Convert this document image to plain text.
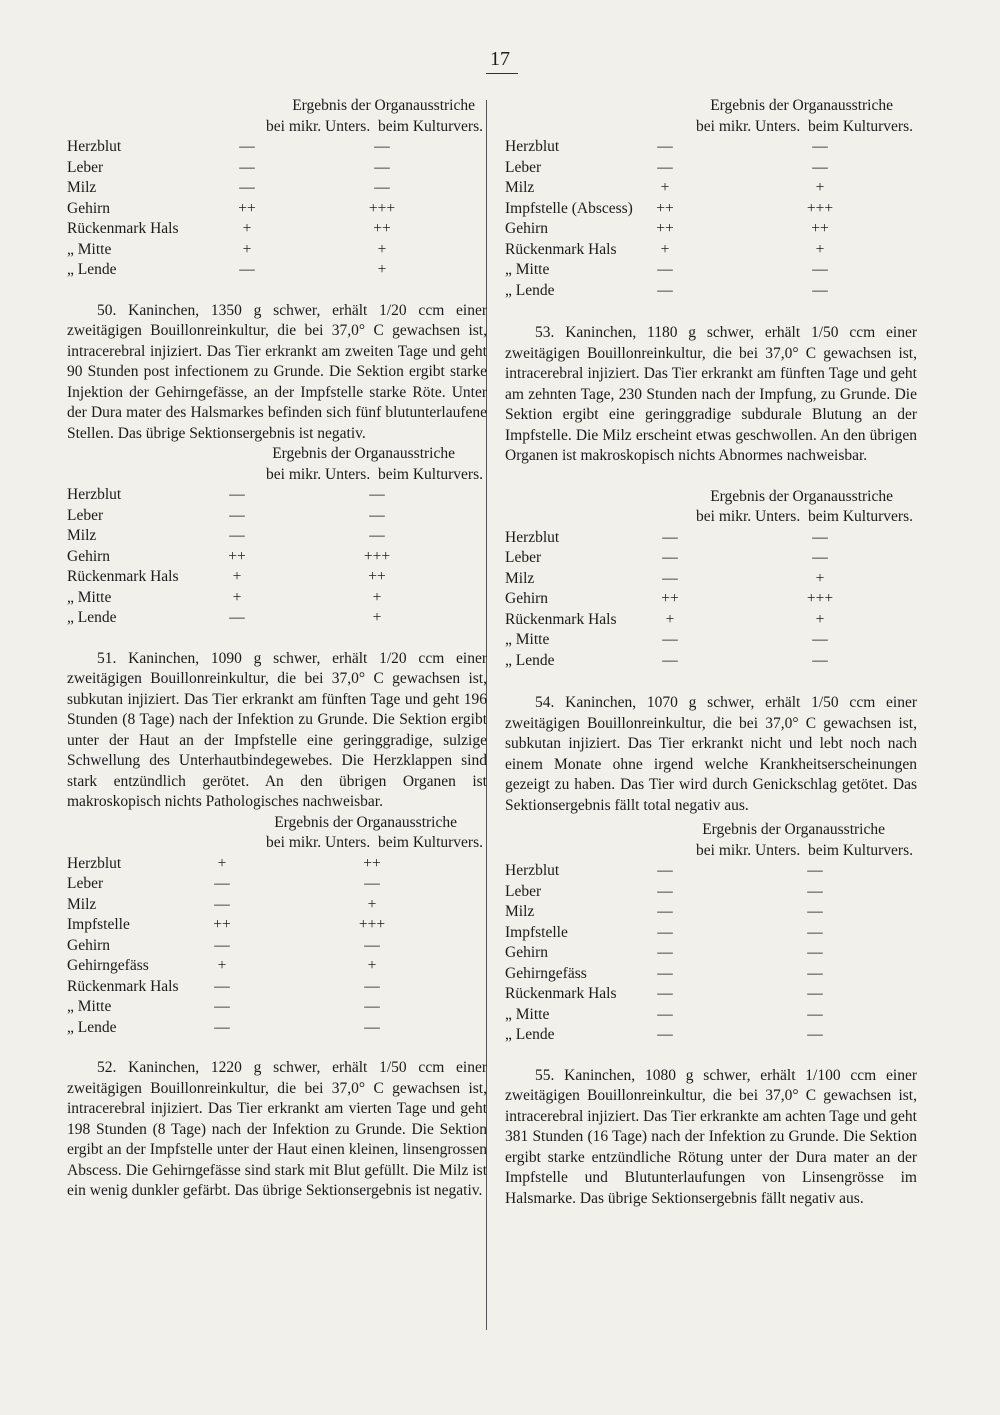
17
Ergebnis der Organausstriche
bei mikr. Unters. beim Kulturvers.
Herzblut	—	—
Leber	—	—
Milz	—	—
Gehirn	++	+++
Rückenmark Hals	+	++
„ Mitte	+	+
„ Lende	—	+

50. Kaninchen, 1350 g schwer, erhält 1/20 ccm einer zweitägigen Bouillonreinkultur, die bei 37,0° C gewachsen ist, intracerebral injiziert. Das Tier erkrankt am zweiten Tage und geht 90 Stunden post infectionem zu Grunde. Die Sektion ergibt starke Injektion der Gehirngefässe, an der Impfstelle starke Röte. Unter der Dura mater des Halsmarkes befinden sich fünf blutunterlaufene Stellen. Das übrige Sektionsergebnis ist negativ.

Ergebnis der Organausstriche
bei mikr. Unters. beim Kulturvers.
Herzblut	—	—
Leber	—	—
Milz	—	—
Gehirn	++	+++
Rückenmark Hals	+	++
„ Mitte	+	+
„ Lende	—	+

51. Kaninchen, 1090 g schwer, erhält 1/20 ccm einer zweitägigen Bouillonreinkultur, die bei 37,0° C gewachsen ist, subkutan injiziert. Das Tier erkrankt am fünften Tage und geht 196 Stunden (8 Tage) nach der Infektion zu Grunde. Die Sektion ergibt unter der Haut an der Impfstelle eine geringgradige, sulzige Schwellung des Unterhautbindegewebes. Die Herzklappen sind stark entzündlich gerötet. An den übrigen Organen ist makroskopisch nichts Pathologisches nachweisbar.

Ergebnis der Organausstriche
bei mikr. Unters. beim Kulturvers.
Herzblut	+	++
Leber	—	—
Milz	—	+
Impfstelle	++	+++
Gehirn	—	—
Gehirngefäss	+	+
Rückenmark Hals	—	—
„ Mitte	—	—
„ Lende	—	—

52. Kaninchen, 1220 g schwer, erhält 1/50 ccm einer zweitägigen Bouillonreinkultur, die bei 37,0° C gewachsen ist, intracerebral injiziert. Das Tier erkrankt am vierten Tage und geht 198 Stunden (8 Tage) nach der Infektion zu Grunde. Die Sektion ergibt an der Impfstelle unter der Haut einen kleinen, linsengrossen Abscess. Die Gehirngefässe sind stark mit Blut gefüllt. Die Milz ist ein wenig dunkler gefärbt. Das übrige Sektionsergebnis ist negativ.

Ergebnis der Organausstriche
bei mikr. Unters. beim Kulturvers.
Herzblut	—	—
Leber	—	—
Milz	+	+
Impfstelle (Abscess)	++	+++
Gehirn	++	++
Rückenmark Hals	+	+
„ Mitte	—	—
„ Lende	—	—

53. Kaninchen, 1180 g schwer, erhält 1/50 ccm einer zweitägigen Bouillonreinkultur, die bei 37,0° C gewachsen ist, intracerebral injiziert. Das Tier erkrankt am fünften Tage und geht am zehnten Tage, 230 Stunden nach der Impfung, zu Grunde. Die Sektion ergibt eine geringgradige subdurale Blutung an der Impfstelle. Die Milz erscheint etwas geschwollen. An den übrigen Organen ist makroskopisch nichts Abnormes nachweisbar.

Ergebnis der Organausstriche
bei mikr. Unters. beim Kulturvers.
Herzblut	—	—
Leber	—	—
Milz	—	+
Gehirn	++	+++
Rückenmark Hals	+	+
„ Mitte	—	—
„ Lende	—	—

54. Kaninchen, 1070 g schwer, erhält 1/50 ccm einer zweitägigen Bouillonreinkultur, die bei 37,0° C gewachsen ist, subkutan injiziert. Das Tier erkrankt nicht und lebt noch nach einem Monate ohne irgend welche Krankheitserscheinungen gezeigt zu haben. Das Tier wird durch Genickschlag getötet. Das Sektionsergebnis fällt total negativ aus.

Ergebnis der Organausstriche
bei mikr. Unters. beim Kulturvers.
Herzblut	—	—
Leber	—	—
Milz	—	—
Impfstelle	—	—
Gehirn	—	—
Gehirngefäss	—	—
Rückenmark Hals	—	—
„ Mitte	—	—
„ Lende	—	—

55. Kaninchen, 1080 g schwer, erhält 1/100 ccm einer zweitägigen Bouillonreinkultur, die bei 37,0° C gewachsen ist, intracerebral injiziert. Das Tier erkrankte am achten Tage und geht 381 Stunden (16 Tage) nach der Infektion zu Grunde. Die Sektion ergibt starke entzündliche Rötung unter der Dura mater an der Impfstelle und Blutunterlaufungen von Linsengrösse im Halsmarke. Das übrige Sektionsergebnis fällt negativ aus.
